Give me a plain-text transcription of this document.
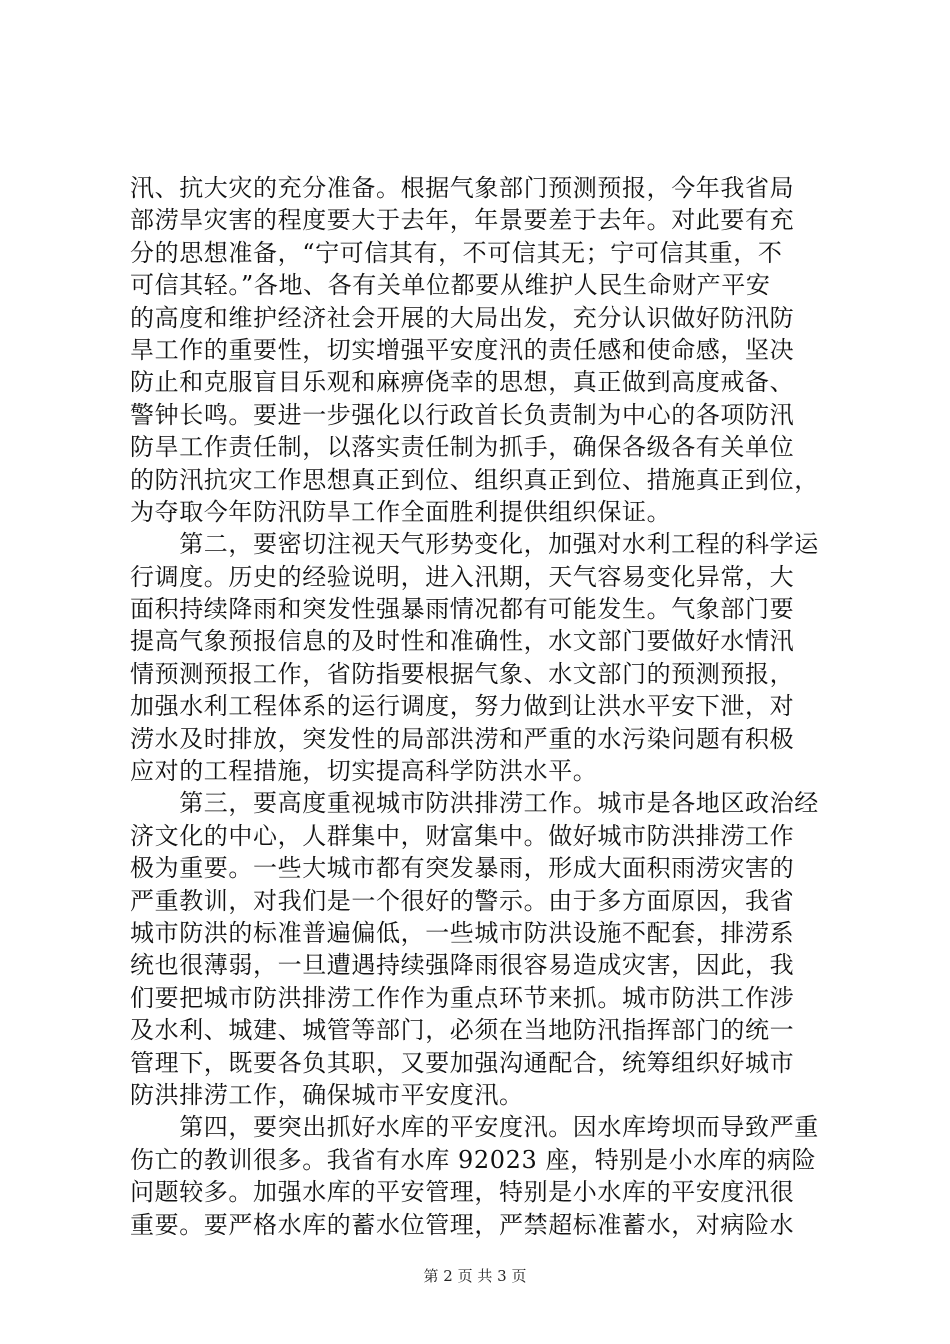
汛、抗大灾的充分准备。根据气象部门预测预报，今年我省局
部涝旱灾害的程度要大于去年，年景要差于去年。对此要有充
分的思想准备，“宁可信其有，不可信其无；宁可信其重，不
可信其轻。”各地、各有关单位都要从维护人民生命财产平安
的高度和维护经济社会开展的大局出发，充分认识做好防汛防
旱工作的重要性，切实增强平安度汛的责任感和使命感，坚决
防止和克服盲目乐观和麻痹侥幸的思想，真正做到高度戒备、
警钟长鸣。要进一步强化以行政首长负责制为中心的各项防汛
防旱工作责任制，以落实责任制为抓手，确保各级各有关单位
的防汛抗灾工作思想真正到位、组织真正到位、措施真正到位，
为夺取今年防汛防旱工作全面胜利提供组织保证。
　　第二，要密切注视天气形势变化，加强对水利工程的科学运
行调度。历史的经验说明，进入汛期，天气容易变化异常，大
面积持续降雨和突发性强暴雨情况都有可能发生。气象部门要
提高气象预报信息的及时性和准确性，水文部门要做好水情汛
情预测预报工作，省防指要根据气象、水文部门的预测预报，
加强水利工程体系的运行调度，努力做到让洪水平安下泄，对
涝水及时排放，突发性的局部洪涝和严重的水污染问题有积极
应对的工程措施，切实提高科学防洪水平。
　　第三，要高度重视城市防洪排涝工作。城市是各地区政治经
济文化的中心，人群集中，财富集中。做好城市防洪排涝工作
极为重要。一些大城市都有突发暴雨，形成大面积雨涝灾害的
严重教训，对我们是一个很好的警示。由于多方面原因，我省
城市防洪的标准普遍偏低，一些城市防洪设施不配套，排涝系
统也很薄弱，一旦遭遇持续强降雨很容易造成灾害，因此，我
们要把城市防洪排涝工作作为重点环节来抓。城市防洪工作涉
及水利、城建、城管等部门，必须在当地防汛指挥部门的统一
管理下，既要各负其职，又要加强沟通配合，统筹组织好城市
防洪排涝工作，确保城市平安度汛。
　　第四，要突出抓好水库的平安度汛。因水库垮坝而导致严重
伤亡的教训很多。我省有水库 92023 座，特别是小水库的病险
问题较多。加强水库的平安管理，特别是小水库的平安度汛很
重要。要严格水库的蓄水位管理，严禁超标准蓄水，对病险水
第 2 页 共 3 页
